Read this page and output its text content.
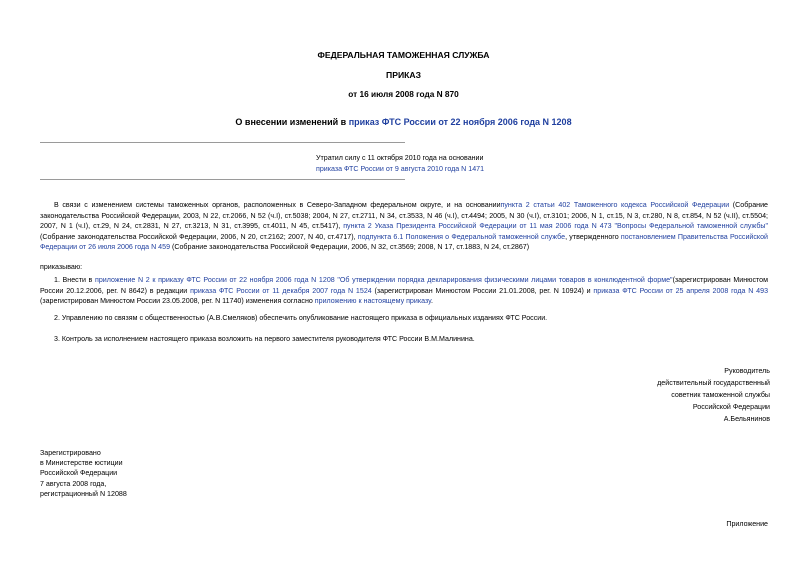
ФЕДЕРАЛЬНАЯ ТАМОЖЕННАЯ СЛУЖБА
ПРИКАЗ
от 16 июля 2008 года N 870
О внесении изменений в приказ ФТС России от 22 ноября 2006 года N 1208
Утратил силу с 11 октября 2010 года на основании
приказа ФТС России от 9 августа 2010 года N 1471
В связи с изменением системы таможенных органов, расположенных в Северо-Западном федеральном округе, и на основаниипункта 2 статьи 402 Таможенного кодекса Российской Федерации (Собрание законодательства Российской Федерации, 2003, N 22, ст.2066, N 52 (ч.I), ст.5038; 2004, N 27, ст.2711, N 34, ст.3533, N 46 (ч.I), ст.4494; 2005, N 30 (ч.I), ст.3101; 2006, N 1, ст.15, N 3, ст.280, N 8, ст.854, N 52 (ч.II), ст.5504; 2007, N 1 (ч.I), ст.29, N 24, ст.2831, N 27, ст.3213, N 31, ст.3995, ст.4011, N 45, ст.5417), пункта 2 Указа Президента Российской Федерации от 11 мая 2006 года N 473 "Вопросы Федеральной таможенной службы" (Собрание законодательства Российской Федерации, 2006, N 20, ст.2162; 2007, N 40, ст.4717), подпункта 6.1 Положения о Федеральной таможенной службе, утвержденного постановлением Правительства Российской Федерации от 26 июля 2006 года N 459 (Собрание законодательства Российской Федерации, 2006, N 32, ст.3569; 2008, N 17, ст.1883, N 24, ст.2867)
приказываю:
1. Внести в приложение N 2 к приказу ФТС России от 22 ноября 2006 года N 1208 "Об утверждении порядка декларирования физическими лицами товаров в конклюдентной форме"(зарегистрирован Минюстом России 20.12.2006, рег. N 8642) в редакции приказа ФТС России от 11 декабря 2007 года N 1524 (зарегистрирован Минюстом России 21.01.2008, рег. N 10924) и приказа ФТС России от 25 апреля 2008 года N 493 (зарегистрирован Минюстом России 23.05.2008, рег. N 11740) изменения согласно приложению к настоящему приказу.
2. Управлению по связям с общественностью (А.В.Смеляков) обеспечить опубликование настоящего приказа в официальных изданиях ФТС России.
3. Контроль за исполнением настоящего приказа возложить на первого заместителя руководителя ФТС России В.М.Малинина.
Руководитель
действительный государственный
советник таможенной службы
Российской Федерации
А.Бельянинов
Зарегистрировано
в Министерстве юстиции
Российской Федерации
7 августа 2008 года,
регистрационный N 12088
Приложение
